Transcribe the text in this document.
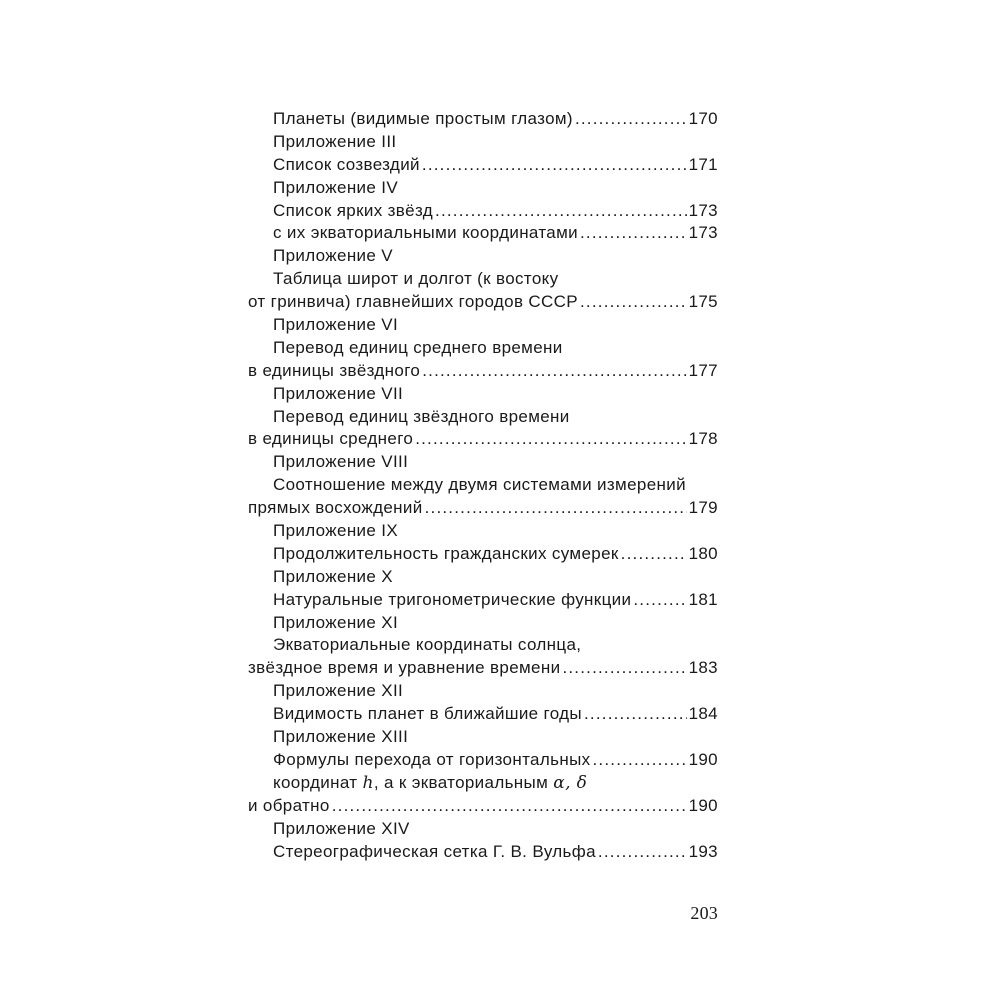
Планеты (видимые простым глазом) .....	170
Приложение III
Список созвездий .....	171
Приложение IV
Список ярких звёзд .....	173
с их экваториальными координатами .....	173
Приложение V
Таблица широт и долгот (к востоку
от гринвича) главнейших городов СССР .....	175
Приложение VI
Перевод единиц среднего времени
в единицы звёздного .....	177
Приложение VII
Перевод единиц звёздного времени
в единицы среднего .....	178
Приложение VIII
Соотношение между двумя системами измерений
прямых восхождений .....	179
Приложение IX
Продолжительность гражданских сумерек .....	180
Приложение X
Натуральные тригонометрические функции .....	181
Приложение XI
Экваториальные координаты солнца,
звёздное время и уравнение времени .....	183
Приложение XII
Видимость планет в ближайшие годы .....	184
Приложение XIII
Формулы перехода от горизонтальных .....	190
координат h, a к экваториальным α, δ
и обратно .....	190
Приложение XIV
Стереографическая сетка Г. В. Вульфа .....	193
203
